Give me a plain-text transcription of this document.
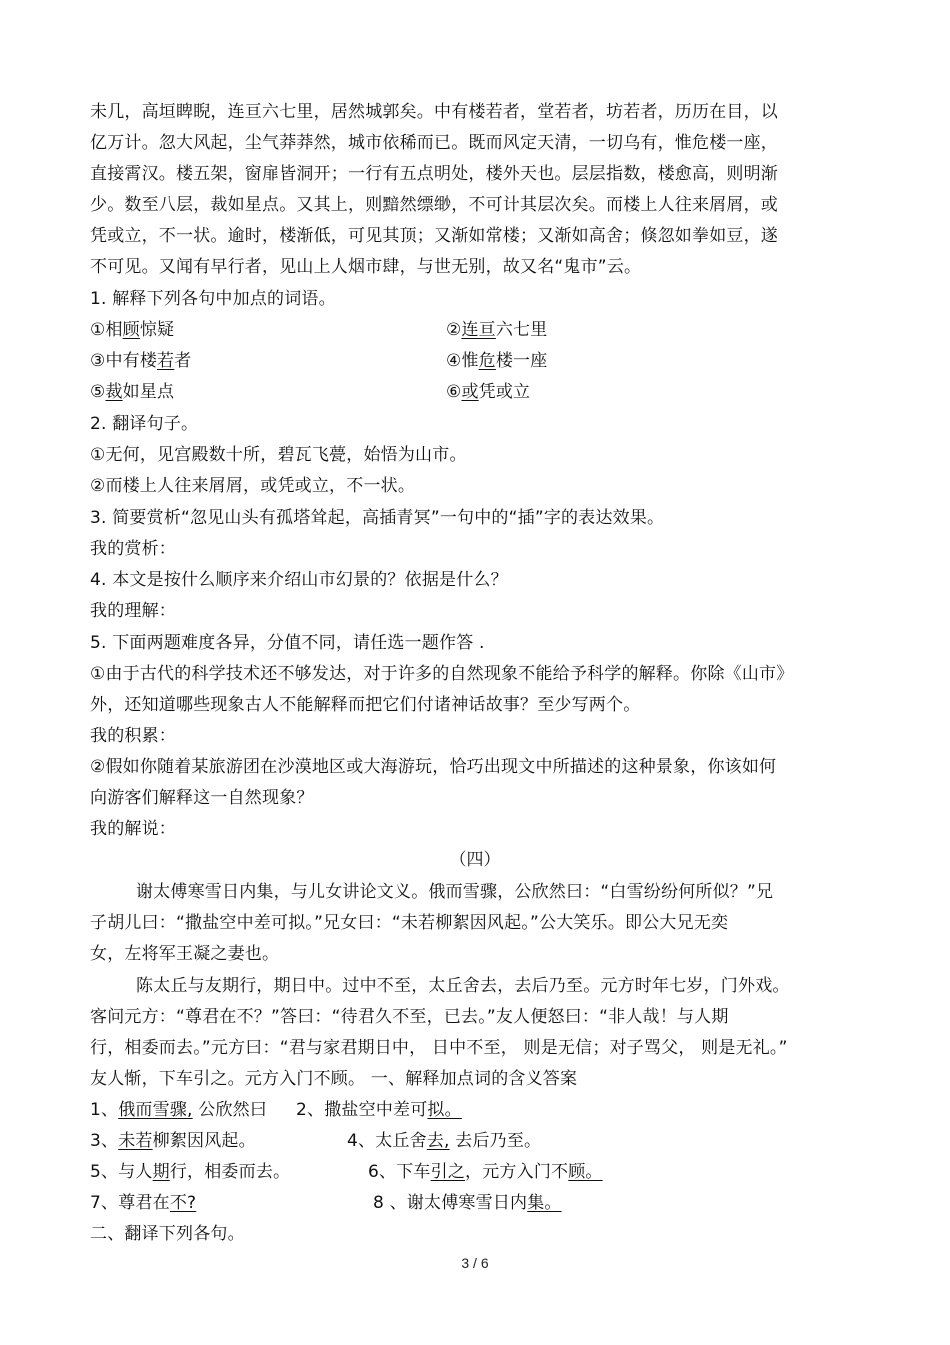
未几，高垣睥睨，连亘六七里，居然城郭矣。中有楼若者，堂若者，坊若者，历历在目，以
亿万计。忽大风起，尘气莽莽然，城市依稀而已。既而风定天清，一切乌有，惟危楼一座，
直接霄汉。楼五架，窗扉皆洞开；一行有五点明处，楼外天也。层层指数，楼愈高，则明渐
少。数至八层，裁如星点。又其上，则黯然缥缈，不可计其层次矣。而楼上人往来屑屑，或
凭或立，不一状。逾时，楼渐低，可见其顶；又渐如常楼；又渐如高舍；倏忽如拳如豆，遂
不可见。又闻有早行者，见山上人烟市肆，与世无别，故又名“鬼市”云。
1. 解释下列各句中加点的词语。
①相顾惊疑	②连亘六七里
③中有楼若者	④惟危楼一座
⑤裁如星点	⑥或凭或立
2. 翻译句子。
①无何，见宫殿数十所，碧瓦飞甍，始悟为山市。
②而楼上人往来屑屑，或凭或立，不一状。
3. 简要赏析“忽见山头有孤塔耸起，高插青冥”一句中的“插”字的表达效果。
我的赏析：
4. 本文是按什么顺序来介绍山市幻景的？依据是什么？
我的理解：
5. 下面两题难度各异，分值不同，请任选一题作答 .
①由于古代的科学技术还不够发达，对于许多的自然现象不能给予科学的解释。你除《山市》
外，还知道哪些现象古人不能解释而把它们付诸神话故事？至少写两个。
我的积累：
②假如你随着某旅游团在沙漠地区或大海游玩，恰巧出现文中所描述的这种景象，你该如何
向游客们解释这一自然现象？
我的解说：
（四）
谢太傅寒雪日内集，与儿女讲论文义。俄而雪骤，公欣然曰：“白雪纷纷何所似？”兄
子胡儿曰：“撒盐空中差可拟。”兄女曰：“未若柳絮因风起。”公大笑乐。即公大兄无奕
女，左将军王凝之妻也。
陈太丘与友期行，期日中。过中不至，太丘舍去，去后乃至。元方时年七岁，门外戏。
客问元方：“尊君在不？”答曰：“待君久不至，已去。”友人便怒曰：“非人哉！与人期
行，相委而去。”元方曰：“君与家君期日中， 日中不至， 则是无信；对子骂父， 则是无礼。”
友人惭，下车引之。元方入门不顾。 一、解释加点词的含义答案
1、俄而雪骤, 公欣然曰 2、撒盐空中差可拟。
3、未若柳絮因风起。	4、太丘舍去, 去后乃至。
5、与人期行，相委而去。	6、下车引之，元方入门不顾。
7、尊君在不?	8 、谢太傅寒雪日内集。
二、翻译下列各句。
3 / 6
